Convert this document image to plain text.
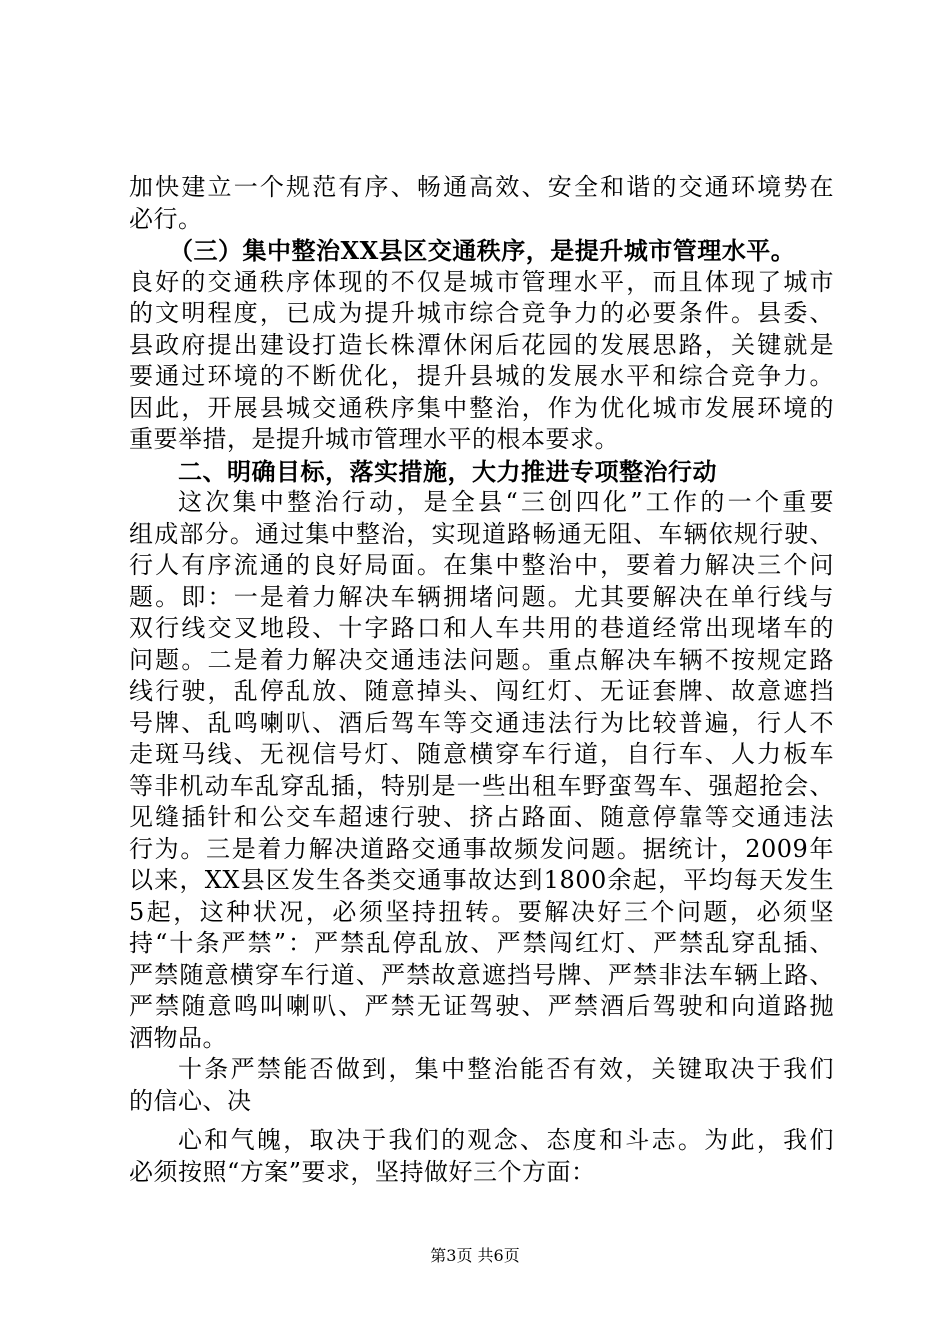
加快建立一个规范有序、畅通高效、安全和谐的交通环境势在
必行。
（三）集中整治XX县区交通秩序，是提升城市管理水平。
良好的交通秩序体现的不仅是城市管理水平，而且体现了城市
的文明程度，已成为提升城市综合竞争力的必要条件。县委、
县政府提出建设打造长株潭休闲后花园的发展思路，关键就是
要通过环境的不断优化，提升县城的发展水平和综合竞争力。
因此，开展县城交通秩序集中整治，作为优化城市发展环境的
重要举措，是提升城市管理水平的根本要求。
二、明确目标，落实措施，大力推进专项整治行动
这次集中整治行动，是全县“三创四化”工作的一个重要
组成部分。通过集中整治，实现道路畅通无阻、车辆依规行驶、
行人有序流通的良好局面。在集中整治中，要着力解决三个问
题。即：一是着力解决车辆拥堵问题。尤其要解决在单行线与
双行线交叉地段、十字路口和人车共用的巷道经常出现堵车的
问题。二是着力解决交通违法问题。重点解决车辆不按规定路
线行驶，乱停乱放、随意掉头、闯红灯、无证套牌、故意遮挡
号牌、乱鸣喇叭、酒后驾车等交通违法行为比较普遍，行人不
走斑马线、无视信号灯、随意横穿车行道，自行车、人力板车
等非机动车乱穿乱插，特别是一些出租车野蛮驾车、强超抢会、
见缝插针和公交车超速行驶、挤占路面、随意停靠等交通违法
行为。三是着力解决道路交通事故频发问题。据统计，2009年
以来，XX县区发生各类交通事故达到1800余起，平均每天发生
5起，这种状况，必须坚持扭转。要解决好三个问题，必须坚
持“十条严禁”：严禁乱停乱放、严禁闯红灯、严禁乱穿乱插、
严禁随意横穿车行道、严禁故意遮挡号牌、严禁非法车辆上路、
严禁随意鸣叫喇叭、严禁无证驾驶、严禁酒后驾驶和向道路抛
洒物品。
十条严禁能否做到，集中整治能否有效，关键取决于我们
的信心、决
心和气魄，取决于我们的观念、态度和斗志。为此，我们
必须按照“方案”要求，坚持做好三个方面：
第3页 共6页
